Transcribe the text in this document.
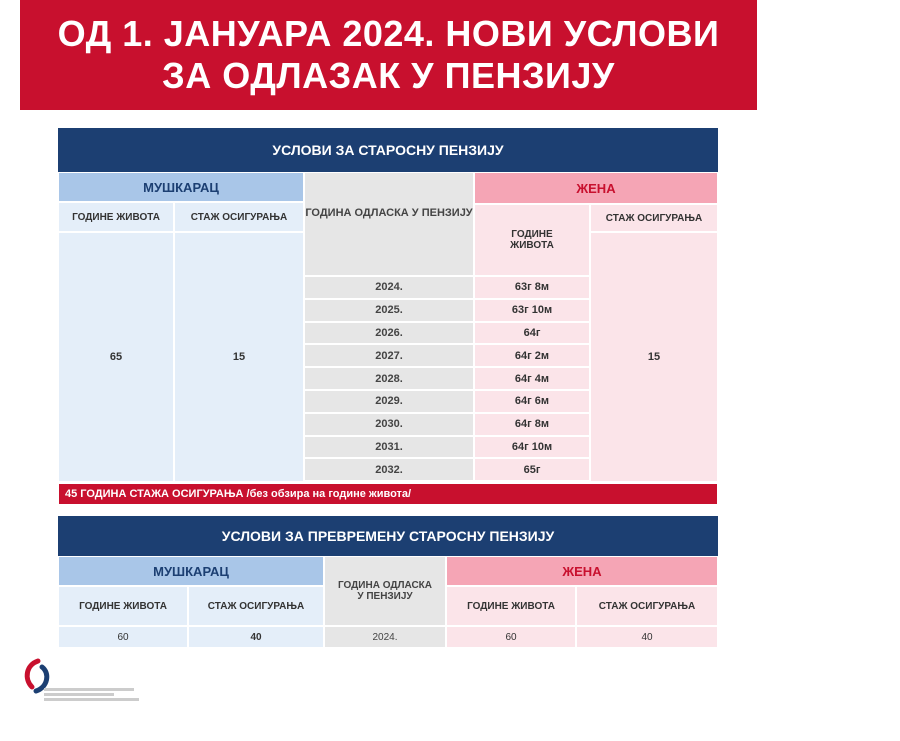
ОД 1. ЈАНУАРА 2024. НОВИ УСЛОВИ
ЗА ОДЛАЗАК У ПЕНЗИЈУ
УСЛОВИ ЗА СТАРОСНУ ПЕНЗИЈУ
МУШКАРАЦ
ГОДИНА ОДЛАСКА У ПЕНЗИЈУ
ЖЕНА
ГОДИНЕ ЖИВОТА	СТАЖ ОСИГУРАЊА
ГОДИНЕ ЖИВОТА
СТАЖ ОСИГУРАЊА
65	15	15
2024.	63г 8м
2025.	63г 10м
2026.	64г
2027.	64г 2м
2028.	64г 4м
2029.	64г 6м
2030.	64г 8м
2031.	64г 10м
2032.	65г
45 ГОДИНА СТАЖА ОСИГУРАЊА /без обзира на године живота/
УСЛОВИ ЗА ПРЕВРЕМЕНУ СТАРОСНУ ПЕНЗИЈУ
МУШКАРАЦ
ГОДИНА ОДЛАСКА У ПЕНЗИЈУ
ЖЕНА
ГОДИНЕ ЖИВОТА	СТАЖ ОСИГУРАЊА	ГОДИНЕ ЖИВОТА	СТАЖ ОСИГУРАЊА
60	40	2024.	60	40
